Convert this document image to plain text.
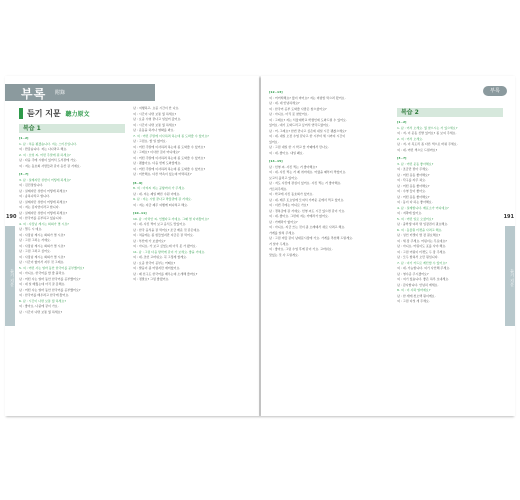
부록 附錄
듣기 지문 聽力原文
복습 1
[1~2]
1. 남 : 처음 뵙겠습니다. 저는 스티븐입니다.
여 : 반갑습니다. 저는 나나라고 해요.
2. 여 : 흐엉 씨, 어떤 주말에 뭐 하세요?
남 : 다음 주에 시험이 있어서 도서관에 가요.
여 : 저는 동호회 사람들과 같이 등산 갈 거예요.
[3~7]
3. 남 : 실례지만 성함이 어떻게 되세요?
여 : 김민정입니다.
남 : 실례지만 성함이 어떻게 되세요?
여 : 송하나라고 합니다.
남 : 실례지만 성함이 어떻게 되세요?
여 : 저는 김지연이라고 합니다.
남 : 실례지만 성함이 어떻게 되세요?
여 : 한국어를 공부하고 있습니다.
4. 여 : 사장님 계시는 회의가 몇 시죠?
남 : 열두 시 예요.
여 : 사장님 계시는 회의가 몇 시죠?
남 : 그럼 그러는 거예요.
여 : 사장님 계시는 회의가 몇 시죠?
남 : 그럼 그러고 싶어요.
여 : 사장님 계시는 회의가 몇 시죠?
남 : 시간이 없어서 지루 것 그래요.
5. 여 : 어떤 사는 얼마 동안 한국어를 공부했어요?
여 : 아니요, 한국어를 할 줄 몰라요.
남 : 어떤 사는 얼마 동안 한국어를 공부했어요?
여 : 네 일 배웠는데 아직 잘 못해요.
남 : 어떤 사는 얼마 동안 한국어를 공부했어요?
여 : 한국어를 배우려고 한국에 왔어요.
6. 남 : 시간이 나면 보통 뭘 하세요?
여 : 좋아요, 나중에 같이 가요.
남 : 시간이 나면 보통 뭘 하세요?
남 : 여행하고, 요즘 시간이 안 나요.
여 : 시간이 나면 보통 뭘 하세요?
남 : 요즘 수영 끝나고 일있어 갔어요.
여 : 시간이 나면 보통 뭘 하세요?
남 : 운동을 하거나 영화를 봐요.
7. 여 : 어떤 주말에 이사하려 하는데 좀 도와줄 수 있어요?
남 : 그럼요, 할 일 없어요.
여 : 어떤 주말에 이사하려 하는데 좀 도와줄 수 있어요?
남 : 그래요? 이사한 집이 어디예요?
여 : 어떤 주말에 이사하려 하는데 좀 도와줄 수 있어요?
남 : 괜찮아요, 다음 번에 도와줄게요.
여 : 어떤 주말에 이사하려 하는데 좀 도와줄 수 있어요?
남 : 미안해요, 다른 약속이 있는데 어떡하죠?
[8~9]
8. 여 : 아저씨 저는 공항까지 가 주세요.
남 : 네, 저는 제일 빠른 수원 이에요.
9. 남 : 저는 시합 끝나고 박물관에 갈 거예요.
여 : 저는 지금 제주 여행에 떠나려고 해요.
[10~11]
10. 남 : 마리안 씨, 인했다고 거예요. 그때 몇 다녀왔어요?
여 : 네, 사진 찍어 보고 음식도 맛있어요.
남 : 한국 음식을 잘 먹어요? 조금 매운 것 같은데요.
여 : 처음에는 좀 힘들었지만 지금은 잘 먹어요.
남 : 부산에 가 보셨어요?
여 : 아니요, 가 보고 싶었는데 아직 못 가 봤어요.
11. 남 : 그럼 다음 방학에 같이 가 보세요. 좋을 거예요.
여 : 네, 조언 고마워요. 꼭 그렇게 할게요.
남 : 요즘 한국어 공부는 어때요?
여 : 발음이 좀 어렵지만 재미있어요.
남 : 제 친구도 한국어를 배우는데 소개해 줄까요?
여 : 정말요? 그럼 좋겠어요.
듣기 지문
190
부록
[12~13]
여 : 어어떡해요? 많이 비어요? 저는 비빔밥 먹으러 왔어요.
남 : 네, 네 안녕하세요?
여 : 한국어 공부 도와줄 사람은 찾으셨어요?
남 : 아니요, 아직 못 찾았어요.
여 : 그래요? 저는 서울대학교 학생인데 도와드릴 수 있어요.
있어요, 얘기 도와드리고 싶어서 연락드렸어요.
남 : 어, 그래요? 한번 만나고 싶은데 내일 시간 괜찮으세요?
여 : 네, 내일 오전 수업 끝나고 한 시부터 세 시까지 시간이
있어요.
남 : 그럼 내일 한 시 학교 앞 카페에서 만나요.
여 : 네, 좋아요. 내일 봬요.
[14~15]
남 : 선영 씨, 사진 찍는 거 좋아해요?
여 : 네, 사진 찍는 거 제 취미예요. 어렸을 때부터 찍었어요.
보고서 올리고 있어요.
남 : 저도 사진에 관심이 있어요. 사진 찍는 거 좋아해요.
가르쳐주세요.
여 : 학교에 사진 동호회가 있어요.
남 : 네, 매주 토요일에 모여서 가까운 곳에서 찍고 있어요.
여 : 이번 주에는 어디로 가요?
남 : 경복궁에 갈 거예요. 선영 씨도 시간 있으면 같이 가요.
여 : 네, 좋아요. 그런데 저는 카메라가 없어요.
남 : 카메라가 없어요?
여 : 아니요, 지금 쓰는 것이 좀 오래돼서 새로 사려고 해요.
가게를 알려 주세요.
남 : 그럼 저랑 같이 남대문시장에 가요. 가게를 추천해 드릴게요.
거 알아 두세요.
여 : 좋아요, 그럼 수업 후에 같이 가요. 고마워요.
맛있는 것 사 드릴게요.
복습 2
[1~2]
1. 남 : 어서 오세요. 뭘 찾으시는 거 있으세요?
여 : 저, 이 운동 신발 있어요? 좀 보여 주세요.
2. 여 : 어서 오세요.
남 : 저, 이 목도리 좀 다른 색으로 바꿔 주세요.
여 : 네, 어떤 색으로 드릴까요?
[3~7]
3. 남 : 어떤 운동 좋아해요?
여 : 조금만 깎아 주세요.
남 : 어떤 운동 좋아해요?
여 : 탁구를 자주 쳐요.
남 : 어떤 운동 좋아해요?
여 : 수영 들이 좋아요.
남 : 어떤 운동 좋아해요?
여 : 동이 다 하는 좋아해요.
4. 남 : 실례합니다. 매표소가 어디예요?
여 : 저쪽에 있어요.
5. 여 : 어떤 일로 오셨어요?
남 : 중학생 여러 명 입장권이 필요해요.
6. 여 : 동물원 티켓을 사려고 해요.
남 : 성인 티켓이 몇 장 필요해요?
여 : 세 장 주세요. 어린이는 무료예요?
남 : 아니요, 어린이도 표를 사야 해요.
여 : 그럼 어린이 티켓도 두 장 주세요.
남 : 모두 합쳐서 오만 원입니다.
7. 남 : 여기 카드로 계산할 수 있어요?
여 : 네, 가능합니다. 여기 사인해 주세요.
남 : 영수증 주시겠어요?
여 : 여기 있습니다. 좋은 하루 보내세요.
남 : 감사합니다. 안녕히 계세요.
8. 여 : 이 사과 얼마예요?
남 : 한 개에 천오백 원이에요.
여 : 그럼 다섯 개 주세요.
듣기 지문
191
